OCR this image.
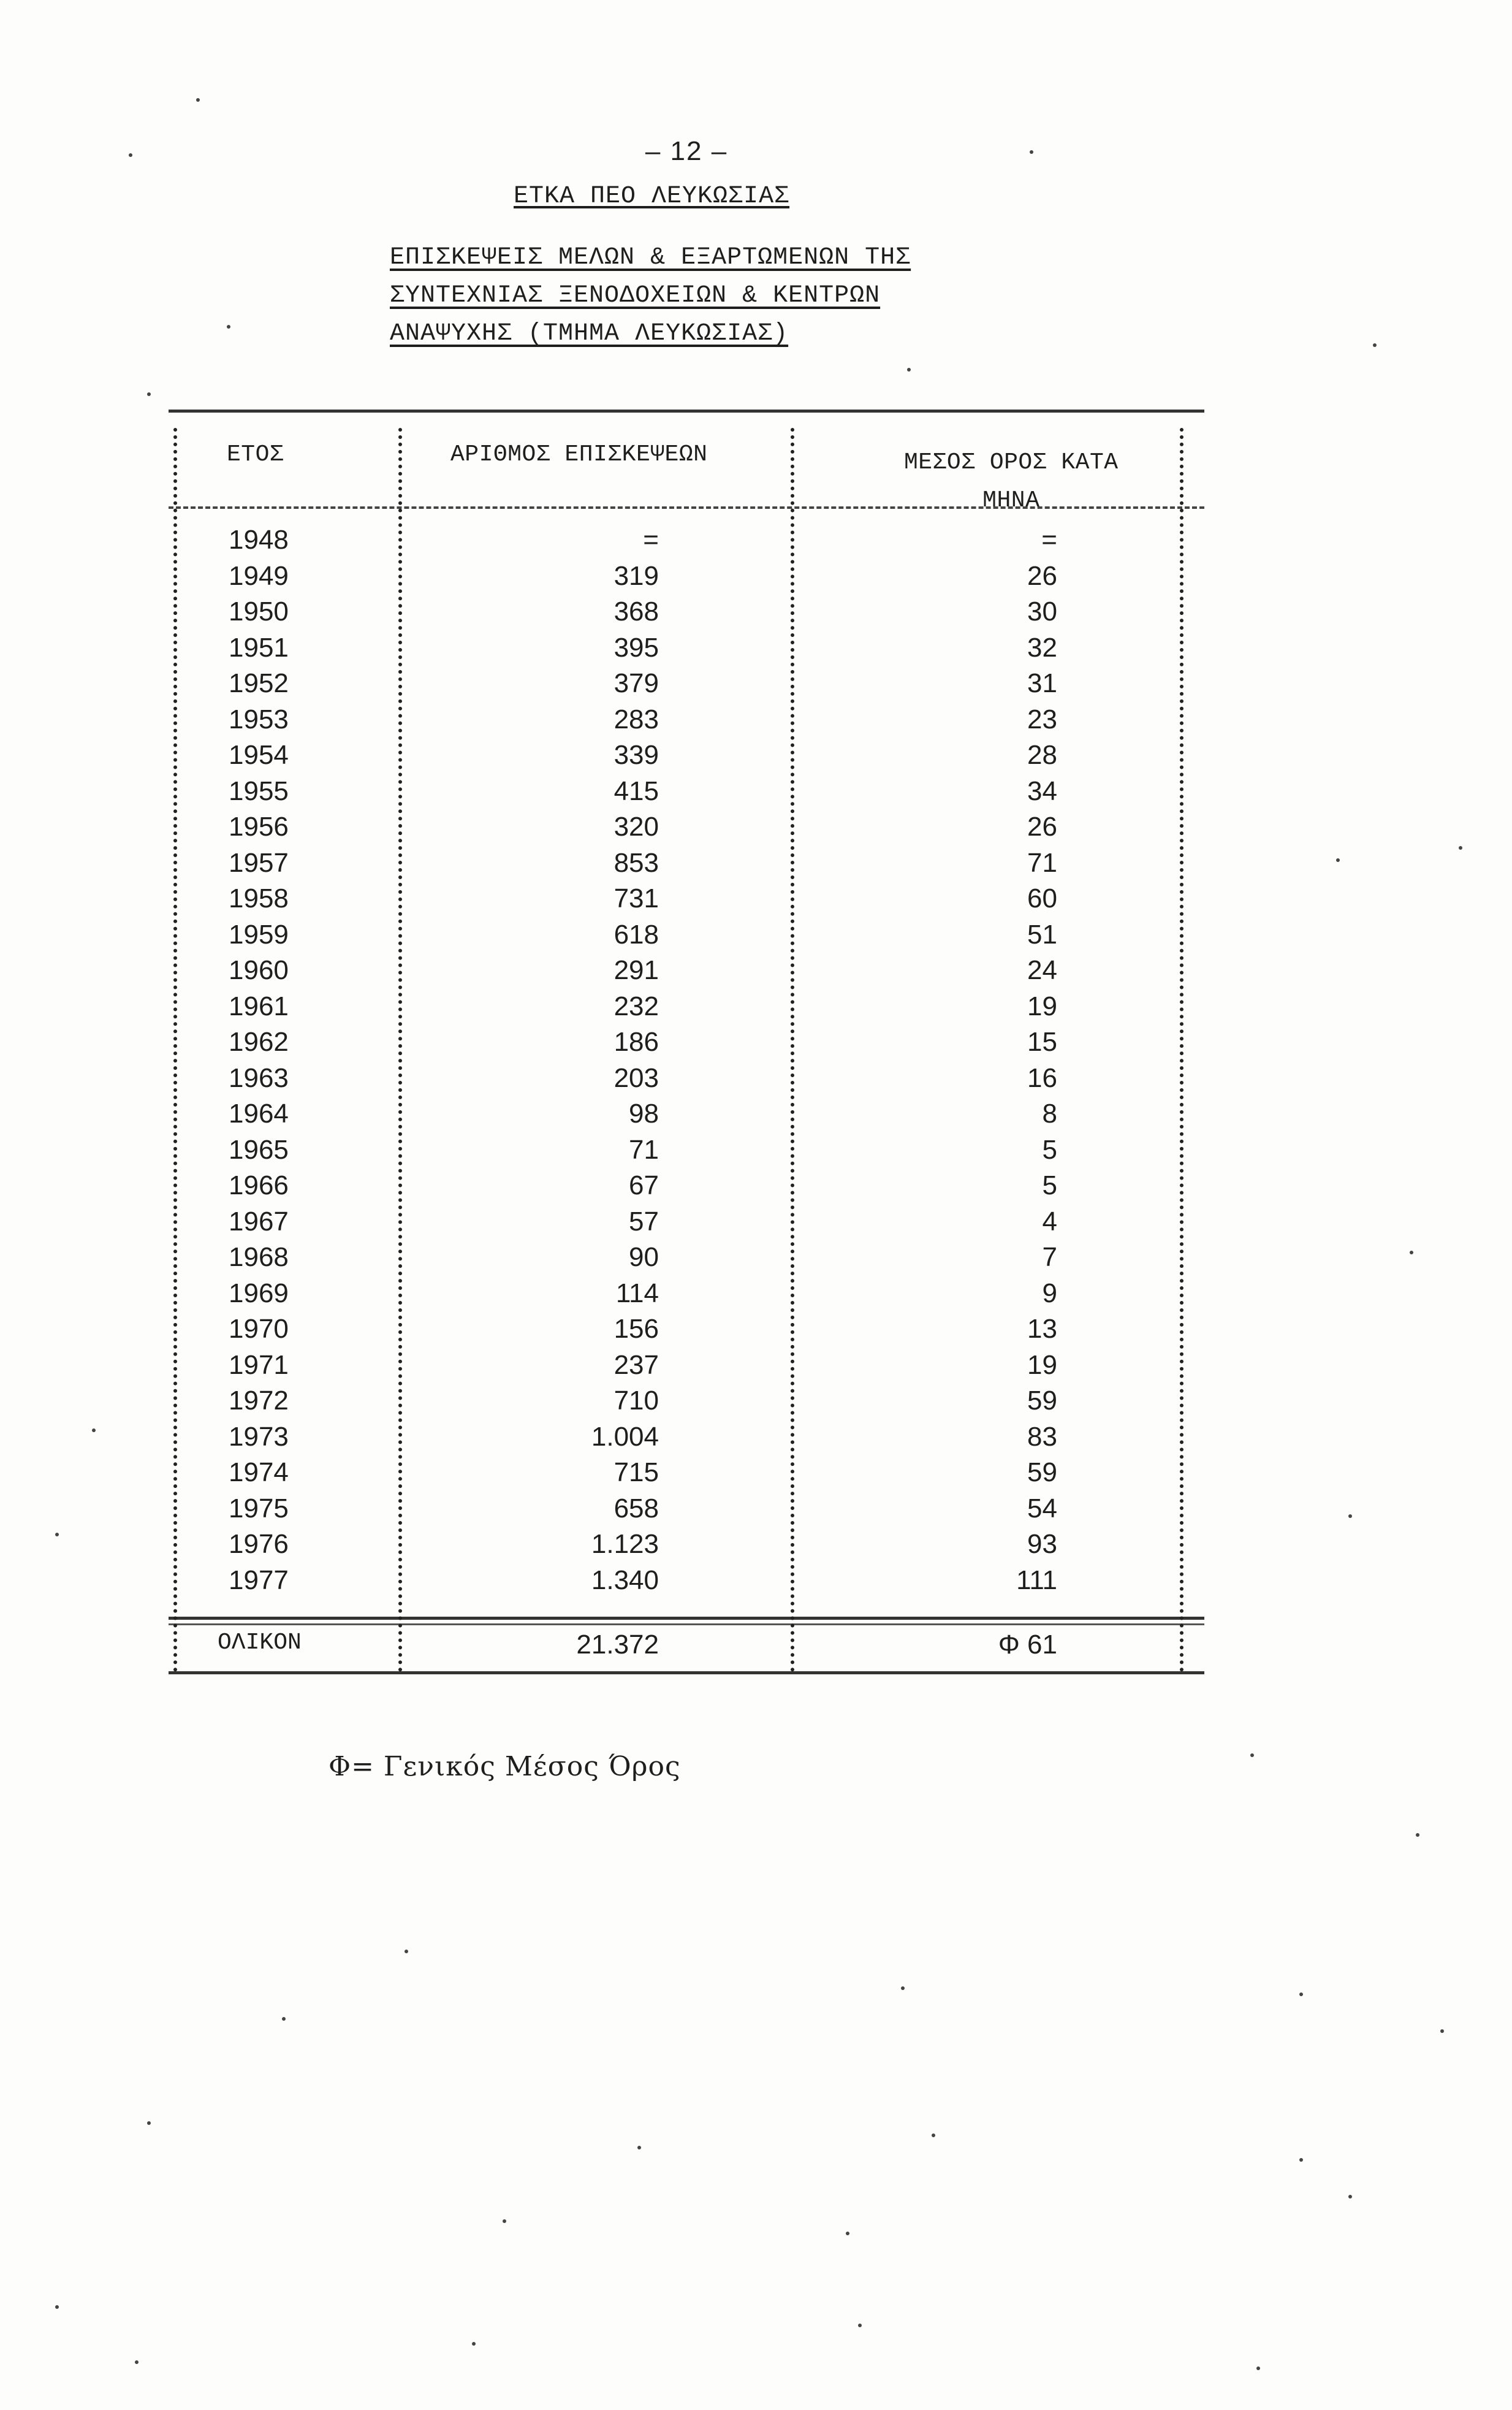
– 12 –
ΕΤΚΑ ΠΕΟ ΛΕΥΚΩΣΙΑΣ
ΕΠΙΣΚΕΨΕΙΣ ΜΕΛΩΝ & ΕΞΑΡΤΩΜΕΝΩΝ ΤΗΣ
ΣΥΝΤΕΧΝΙΑΣ ΞΕΝΟΔΟΧΕΙΩΝ & ΚΕΝΤΡΩΝ
ΑΝΑΨΥΧΗΣ (ΤΜΗΜΑ ΛΕΥΚΩΣΙΑΣ)
ΕΤΟΣ	ΑΡΙΘΜΟΣ ΕΠΙΣΚΕΨΕΩΝ	ΜΕΣΟΣ ΟΡΟΣ ΚΑΤΑ
ΜΗΝΑ
1948	=	=
1949	319	26
1950	368	30
1951	395	32
1952	379	31
1953	283	23
1954	339	28
1955	415	34
1956	320	26
1957	853	71
1958	731	60
1959	618	51
1960	291	24
1961	232	19
1962	186	15
1963	203	16
1964	98	8
1965	71	5
1966	67	5
1967	57	4
1968	90	7
1969	114	9
1970	156	13
1971	237	19
1972	710	59
1973	1.004	83
1974	715	59
1975	658	54
1976	1.123	93
1977	1.340	111
ΟΛΙΚΟΝ	21.372	Φ 61
Φ= Γενικός Μέσος Όρος
